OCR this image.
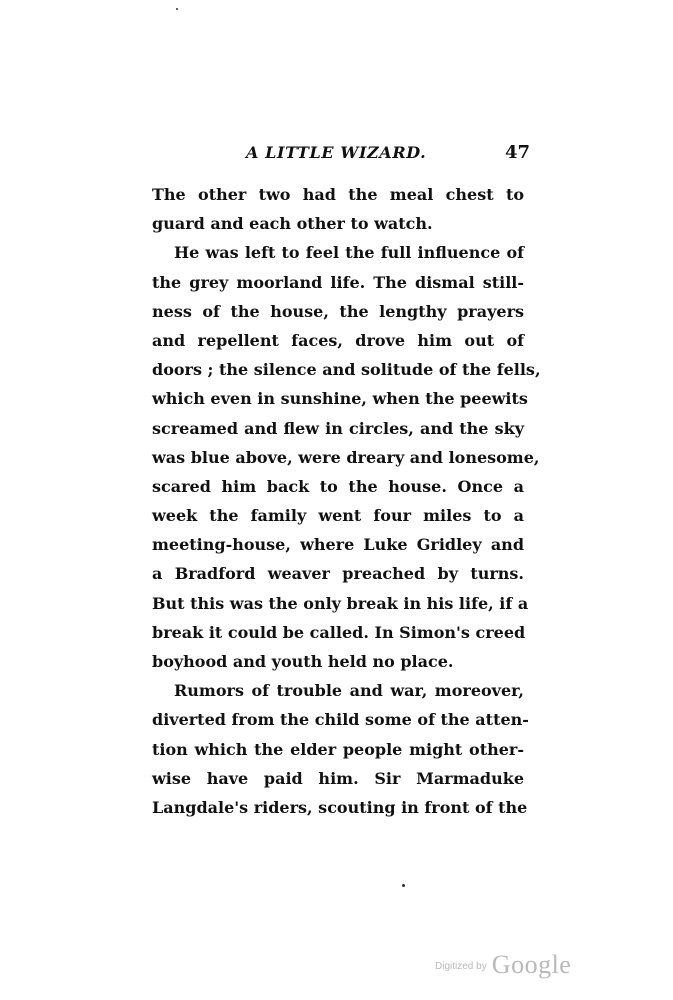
A LITTLE WIZARD.	47
The other two had the meal chest to
guard and each other to watch.
He was left to feel the full influence of
the grey moorland life. The dismal still-
ness of the house, the lengthy prayers
and repellent faces, drove him out of
doors ; the silence and solitude of the fells,
which even in sunshine, when the peewits
screamed and flew in circles, and the sky
was blue above, were dreary and lonesome,
scared him back to the house. Once a
week the family went four miles to a
meeting-house, where Luke Gridley and
a Bradford weaver preached by turns.
But this was the only break in his life, if a
break it could be called. In Simon's creed
boyhood and youth held no place.
Rumors of trouble and war, moreover,
diverted from the child some of the atten-
tion which the elder people might other-
wise have paid him. Sir Marmaduke
Langdale's riders, scouting in front of the
$^{Digitized by}$ Google
